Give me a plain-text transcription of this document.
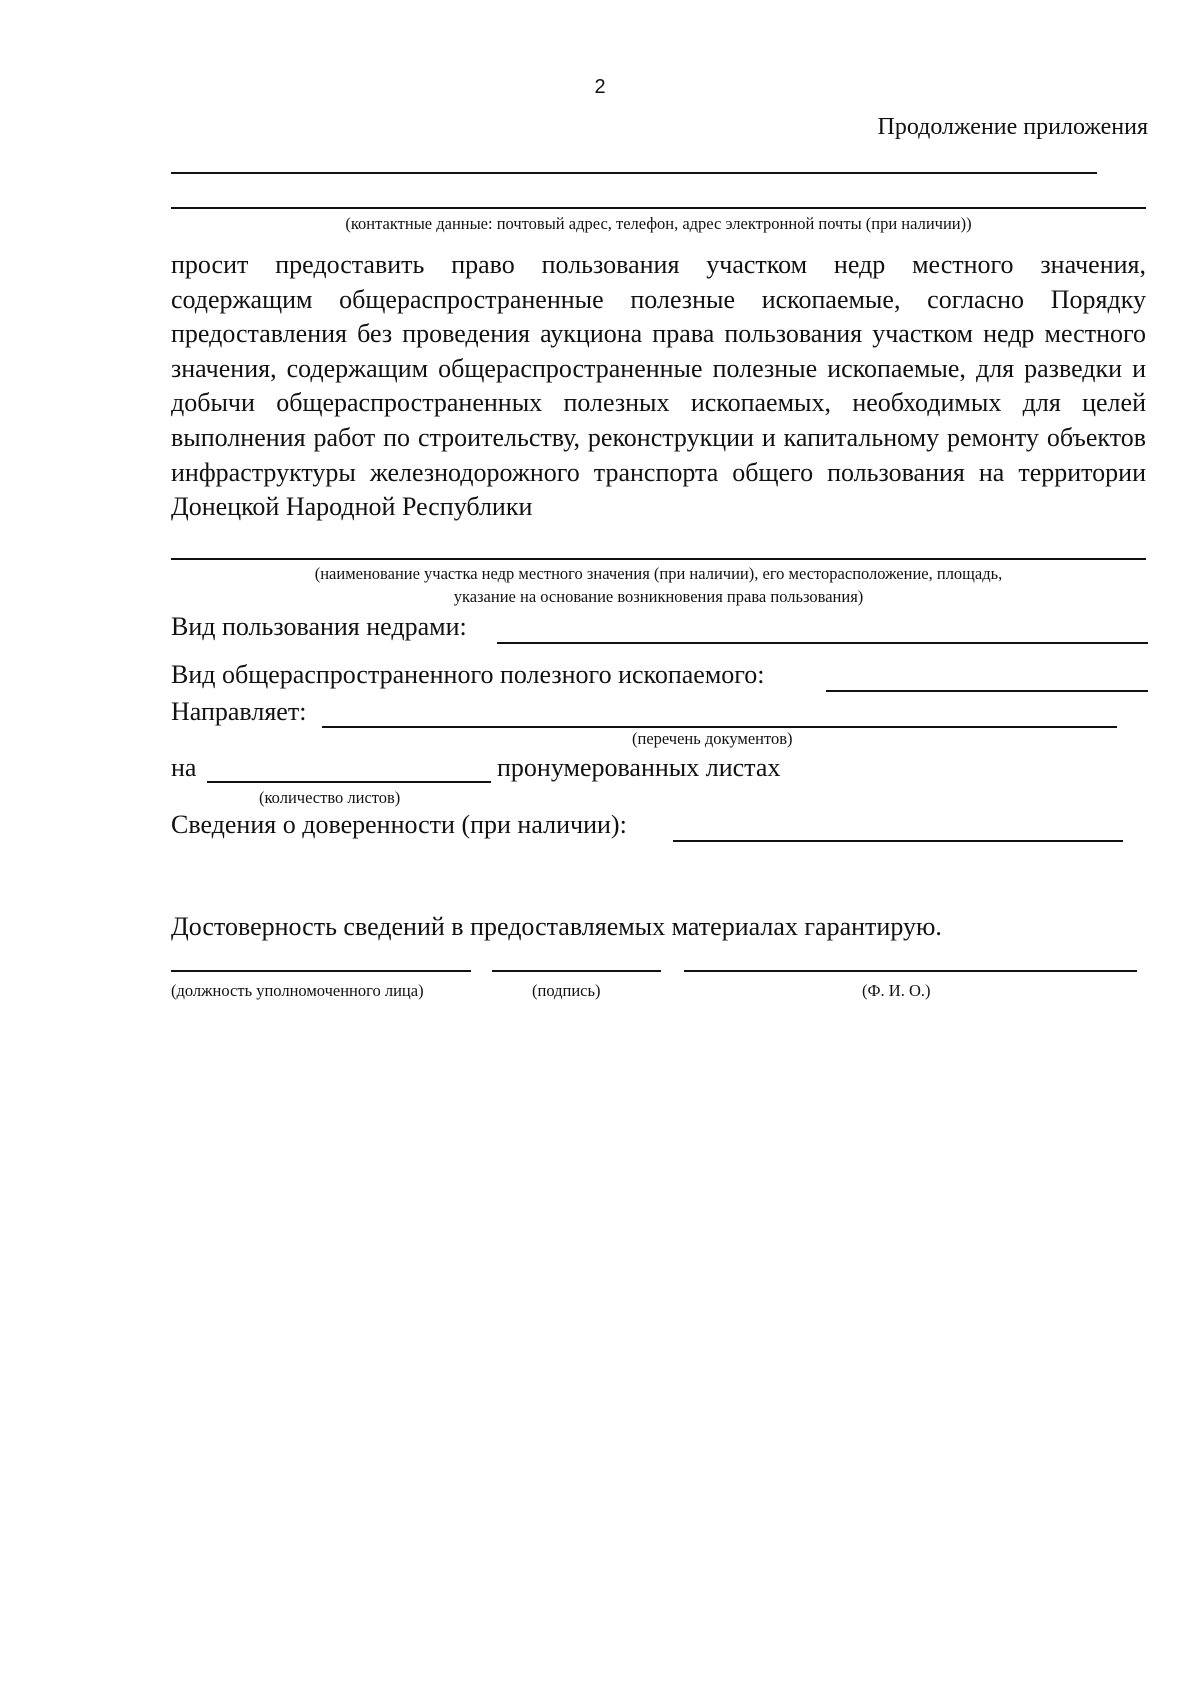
2
Продолжение приложения
(контактные данные: почтовый адрес, телефон, адрес электронной почты (при наличии))
просит предоставить право пользования участком недр местного значения, содержащим общераспространенные полезные ископаемые, согласно Порядку предоставления без проведения аукциона права пользования участком недр местного значения, содержащим общераспространенные полезные ископаемые, для разведки и добычи общераспространенных полезных ископаемых, необходимых для целей выполнения работ по строительству, реконструкции и капитальному ремонту объектов инфраструктуры железнодорожного транспорта общего пользования на территории Донецкой Народной Республики
(наименование участка недр местного значения (при наличии), его месторасположение, площадь,
указание на основание возникновения права пользования)
Вид пользования недрами:
Вид общераспространенного полезного ископаемого:
Направляет:
(перечень документов)
на	пронумерованных листах
(количество листов)
Сведения о доверенности (при наличии):
Достоверность сведений в предоставляемых материалах гарантирую.
(должность уполномоченного лица)	(подпись)	(Ф. И. О.)
